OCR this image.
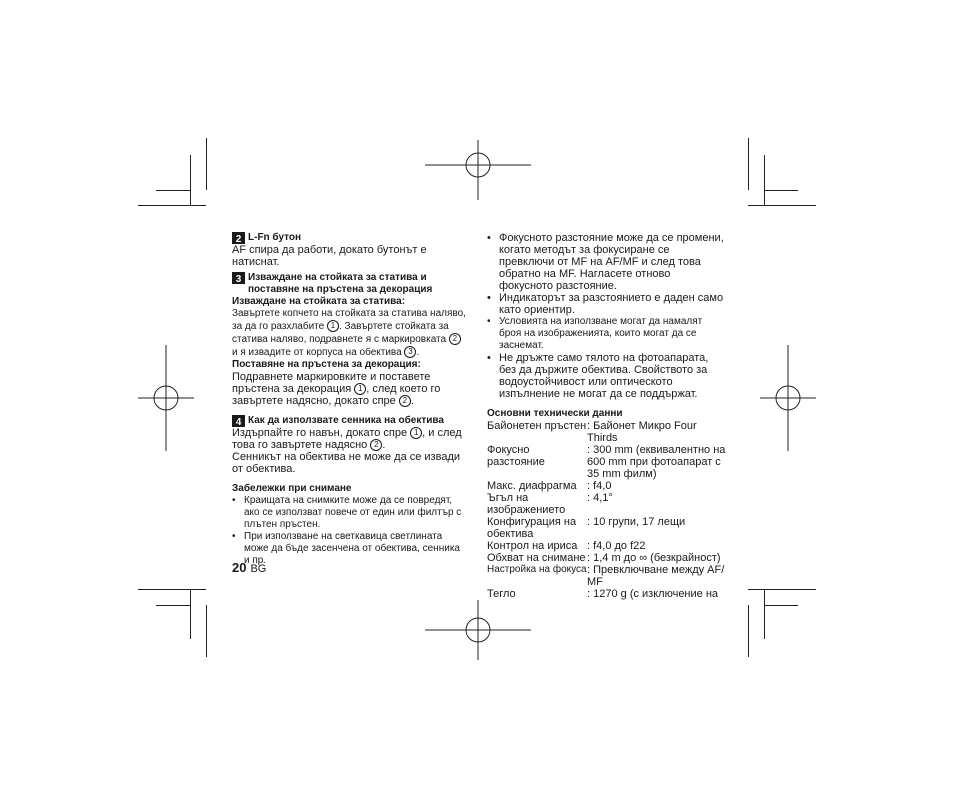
2 L-Fn бутон

AF спира да работи, докато бутонът е натиснат.

3 Изваждане на стойката за статива и
поставяне на пръстена за декорация

Изваждане на стойката за статива:

Завъртете копчето на стойката за статива наляво,

за да го разхлабите 1 . Завъртете стойката за

статива наляво, подравнете я с маркировката 2

и я извадите от корпуса на обектива 3 .

Поставяне на пръстена за декорация:

Подравнете маркировките и поставете

пръстена за декорация 1 , след което го

завъртете надясно, докато спре 2 .

4 Как да използвате сенника на обектива

Издърпайте го навън, докато спре 1 , и след

това го завъртете надясно 2 .

Сенникът на обектива не може да се извади

от обектива.

Забележки при снимане

• Краищата на снимките може да се повредят, ако се използват повече от един или филтър с плътен пръстен.
• При използване на светкавица светлината може да бъде засенчена от обектива, сенника и пр.
20 BG
• Фокусното разстояние може да се промени, когато методът за фокусиране се превключи от MF на AF/MF и след това обратно на MF. Нагласете отново фокусното разстояние.
• Индикаторът за разстоянието е даден само като ориентир.
• Условията на използване могат да намалят броя на изображенията, които могат да се заснемат.
• Не дръжте само тялото на фотоапарата, без да държите обектива. Свойството за водоустойчивост или оптическото изпълнение не могат да се поддържат.

Основни технически данни

Байонетен пръстен : Байонет Микро Four Thirds
Фокусно разстояние
: 300 mm (еквивалентно на 600 mm при фотоапарат с 35 mm филм)
Макс. диафрагма : f4,0
Ъгъл на изображението
: 4,1°
Конфигурация на обектива
: 10 групи, 17 лещи
Контрол на ириса : f4,0 до f22
Обхват на снимане : 1,4 m до ∞ (безкрайност)
Настройка на фокуса : Превключване между AF/ MF
Тегло	: 1270 g (с изключение на
